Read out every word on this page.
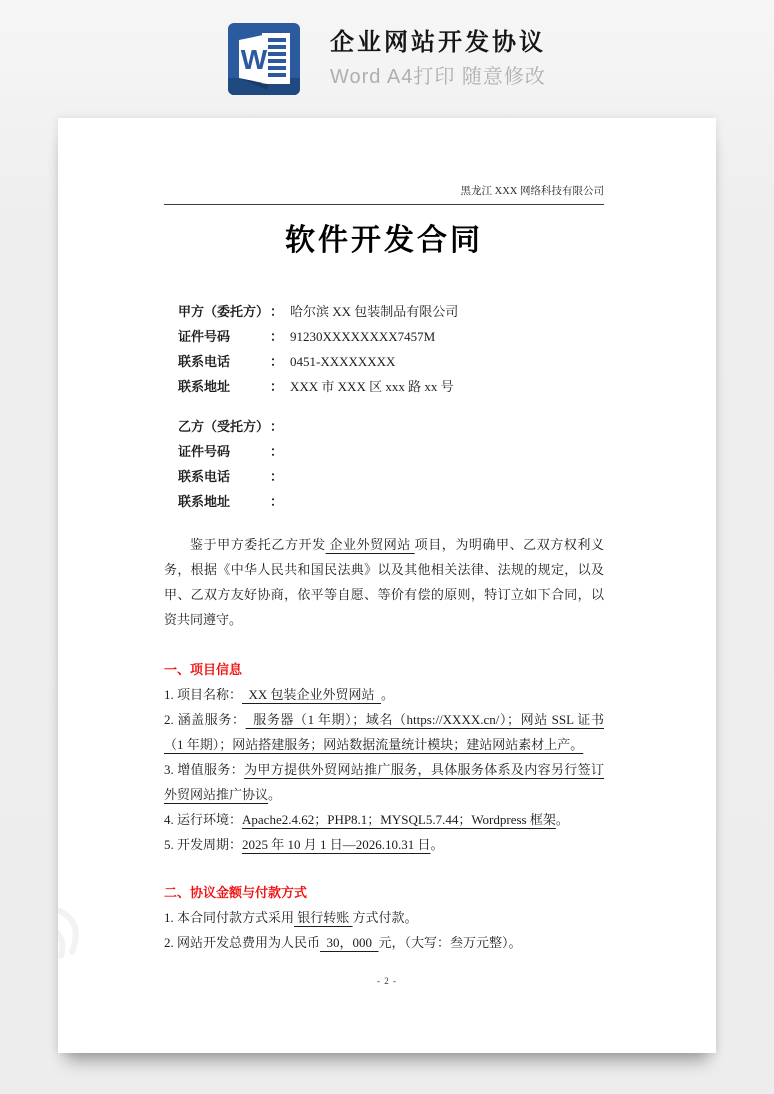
W
企业网站开发协议
Word A4打印 随意修改
黑龙江 XXX 网络科技有限公司
软件开发合同
甲方（委托方） ： 哈尔滨 XX 包装制品有限公司
证件号码	： 91230XXXXXXXX7457M
联系电话	： 0451-XXXXXXXX
联系地址	： XXX 市 XXX 区 xxx 路 xx 号
乙方（受托方） ：
证件号码	：
联系电话	：
联系地址	：

鉴于甲方委托乙方开发 企业外贸网站 项目，为明确甲、乙双方权利义务，根据《中华人民共和国民法典》以及其他相关法律、法规的规定，以及甲、乙双方友好协商，依平等自愿、等价有偿的原则，特订立如下合同，以资共同遵守。

一、项目信息

1. 项目名称：  XX 包装企业外贸网站  。

2. 涵盖服务：  服务器（1 年期）；域名（https://XXXX.cn/）；网站 SSL 证书（1 年期）；网站搭建服务；网站数据流量统计模块；建站网站素材上产。

3. 增值服务：为甲方提供外贸网站推广服务，具体服务体系及内容另行签订外贸网站推广协议。

4. 运行环境：Apache2.4.62；PHP8.1；MYSQL5.7.44；Wordpress 框架。

5. 开发周期：2025 年 10 月 1 日—2026.10.31 日。

二、协议金额与付款方式

1. 本合同付款方式采用 银行转账 方式付款。

2. 网站开发总费用为人民币  30，000  元，（大写：叁万元整）。

- 2 -
